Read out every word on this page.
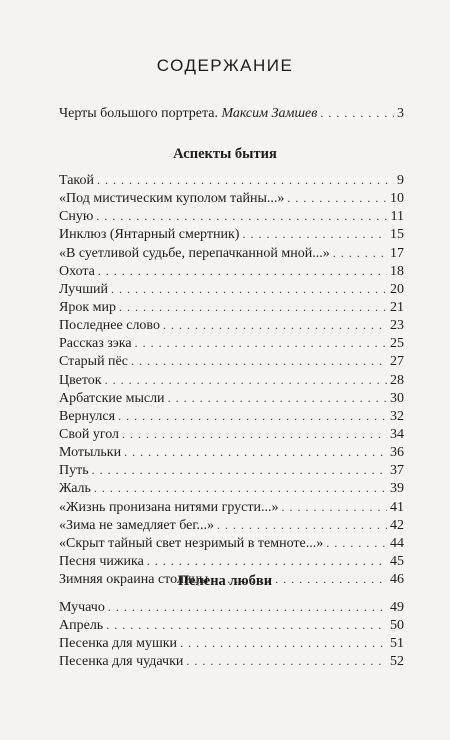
СОДЕРЖАНИЕ
Черты большого портрета. Максим Замшев . . .	3
Аспекты бытия
Такой . . .	9
«Под мистическим куполом тайны...» . . .	10
Сную . . .	11
Инклюз (Янтарный смертник) . . .	15
«В суетливой судьбе, перепачканной мной...» . . .	17
Охота . . .	18
Лучший . . .	20
Ярок мир . . .	21
Последнее слово . . .	23
Рассказ зэка . . .	25
Старый пёс . . .	27
Цветок . . .	28
Арбатские мысли . . .	30
Вернулся . . .	32
Свой угол . . .	34
Мотыльки . . .	36
Путь . . .	37
Жаль . . .	39
«Жизнь пронизана нитями грусти...» . . .	41
«Зима не замедляет бег...» . . .	42
«Скрыт тайный свет незримый в темноте...» . . .	44
Песня чижика . . .	45
Зимняя окраина столицы . . .	46
Пелена любви
Мучачо . . .	49
Апрель . . .	50
Песенка для мушки . . .	51
Песенка для чудачки . . .	52
